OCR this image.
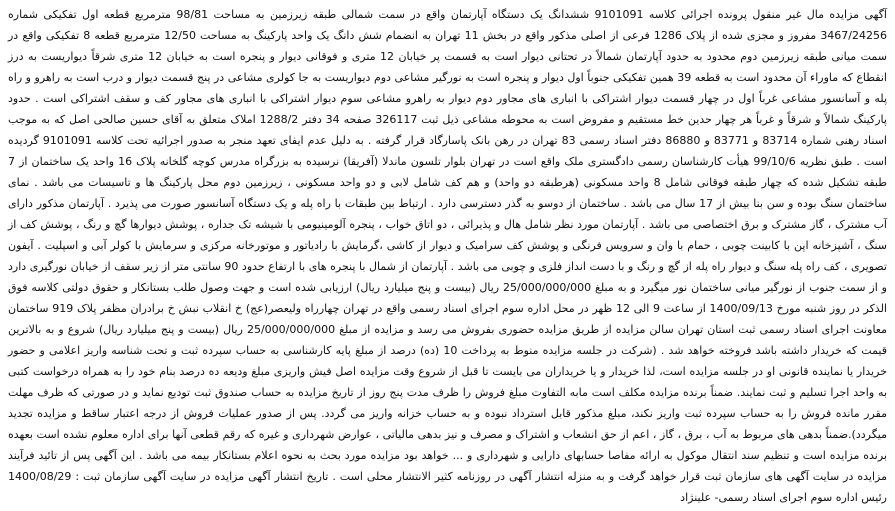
آگهی مزایده مال غیر منقول پرونده اجرائی کلاسه 9101091 ششدانگ یک دستگاه آپارتمان واقع در سمت شمالی طبقه زیرزمین به مساحت 98/81 مترمربع قطعه اول تفکیکی شماره 3467/24256 مفروز و مجزی شده از پلاک 1286 فرعی از اصلی مذکور واقع در بخش 11 تهران به انضمام شش دانگ یک واحد پارکینگ به مساحت 12/50 مترمربع قطعه 8 تفکیکی واقع در سمت میانی طبقه زیرزمین دوم محدود به حدود آپارتمان شمالاً در تحتانی دیوار است به قسمت پر خیابان 12 متری و فوقانی دیوار و پنجره است به خیابان 12 متری شرقاً دیواریست به درز انقطاع که ماوراء آن محدود است به قطعه 39 همین تفکیکی جنوباً اول دیوار و پنجره است به نورگیر مشاعی دوم دیواریست به جا کولری مشاعی در پنج قسمت دیوار و درب است به راهرو و راه پله و آسانسور مشاعی غرباً اول در چهار قسمت دیوار اشتراکی با انباری های مجاور دوم دیوار به راهرو مشاعی سوم دیوار اشتراکی با انباری های مجاور کف و سقف اشتراکی است . حدود پارکینگ شمالاً و شرقاً و غرباً هر چهار حدین خط مستقیم و مفروض است به محوطه مشاعی ذیل ثبت 326117 صفحه 34 دفتر 1288/2 املاک متعلق به آقای حسین صالحی اصل که به موجب اسناد رهنی شماره 83714 و 83771 و 86880 دفتر اسناد رسمی 83 تهران در رهن بانک پاسارگاد قرار گرفته . به دلیل عدم ایفای تعهد منجر به صدور اجرائیه تحت کلاسه 9101091 گردیده است . طبق نظریه 99/10/6 هیأت کارشناسان رسمی دادگستری ملک واقع است در تهران بلوار تلسون ماندلا (آفریقا) نرسیده به بزرگراه مدرس کوچه گلخانه پلاک 16 واحد یک ساختمان از 7 طبقه تشکیل شده که چهار طبقه فوقانی شامل 8 واحد مسکونی (هرطبقه دو واحد) و هم کف شامل لابی و دو واحد مسکونی ، زیرزمین دوم محل پارکینگ ها و تاسیسات می باشد . نمای ساختمان سنگ بوده و سن بنا بیش از 17 سال می باشد . ساختمان از دوسو به گذر دسترسی دارد . ارتباط بین طبقات با راه پله و یک دستگاه آسانسور صورت می پذیرد . آپارتمان مذکور دارای آب مشترک ، گاز مشترک و برق اختصاصی می باشد . آپارتمان مورد نظر شامل هال و پذیرائی ، دو اتاق خواب ، پنجره آلومینیومی با شیشه تک جداره ، پوشش دیوارها گچ و رنگ ، پوشش کف از سنگ ، آشپزخانه اپن با کابینت چوبی ، حمام با وان و سرویس فرنگی و پوشش کف سرامیک و دیوار از کاشی ،گرمایش با رادیاتور و موتورخانه مرکزی و سرمایش با کولر آبی و اسپلیت . آیفون تصویری ، کف راه پله سنگ و دیوار راه پله از گچ و رنگ و با دست انداز فلزی و چوبی می باشد . آپارتمان از شمال با پنجره های با ارتفاع حدود 90 سانتی متر از زیر سقف از خیابان نورگیری دارد و از سمت جنوب از نورگیر میانی ساختمان نور میگیرد و به مبلغ 25/000/000/000 ریال (بیست و پنج میلیارد ریال) ارزیابی شده است و جهت وصول طلب بستانکار و حقوق دولتی کلاسه فوق الذکر در روز شنبه مورخ 1400/09/13 از ساعت 9 الی 12 ظهر در محل اداره سوم اجرای اسناد رسمی واقع در تهران چهارراه ولیعصر(عج) خ انقلاب نبش خ برادران مظفر پلاک 919 ساختمان معاونت اجرای اسناد رسمی ثبت استان تهران سالن مزایده از طریق مزایده حضوری بفروش می رسد و مزایده از مبلغ 25/000/000/000 ریال (بیست و پنج میلیارد ریال) شروع و به بالاترین قیمت که خریدار داشته باشد فروخته خواهد شد . (شرکت در جلسه مزایده منوط به پرداخت 10 (ده) درصد از مبلغ پایه کارشناسی به حساب سپرده ثبت و تحت شناسه واریز اعلامی و حضور خریدار یا نماینده قانونی او در جلسه مزایده است، لذا خریدار و یا خریداران می بایست تا قبل از شروع وقت مزایده اصل فیش واریزی مبلغ ودیعه ده درصد بنام خود را به همراه درخواست کتبی به واحد اجرا تسلیم و ثبت نمایند. ضمناً برنده مزایده مکلف است مابه التفاوت مبلغ فروش را ظرف مدت پنج روز از تاریخ مزایده به حساب صندوق ثبت تودیع نماید و در صورتی که ظرف مهلت مقرر مانده فروش را به حساب سپرده ثبت واریز نکند، مبلغ مذکور قابل استرداد نبوده و به حساب خزانه واریز می گردد. پس از صدور عملیات فروش از درجه اعتبار ساقط و مزایده تجدید میگردد).ضمناً بدهی های مربوط به آب ، برق ، گاز ، اعم از حق انشعاب و اشتراک و مصرف و نیز بدهی مالیاتی ، عوارض شهرداری و غیره که رقم قطعی آنها برای اداره معلوم نشده است بعهده برنده مزایده است و تنظیم سند انتقال موکول به ارائه مفاصا حسابهای دارایی و شهرداری و ... خواهد بود مزایده مورد بحث به نحوه اعلام بستانکار بیمه می باشد . این آگهی پس از تائید فرآیند مزایده در سایت آگهی های سازمان ثبت قرار خواهد گرفت و به منزله انتشار آگهی در روزنامه کثیر الانتشار محلی است . تاریخ انتشار آگهی مزایده در سایت آگهی سازمان ثبت : 1400/08/29 رئیس اداره سوم اجرای اسناد رسمی- علینژاد
